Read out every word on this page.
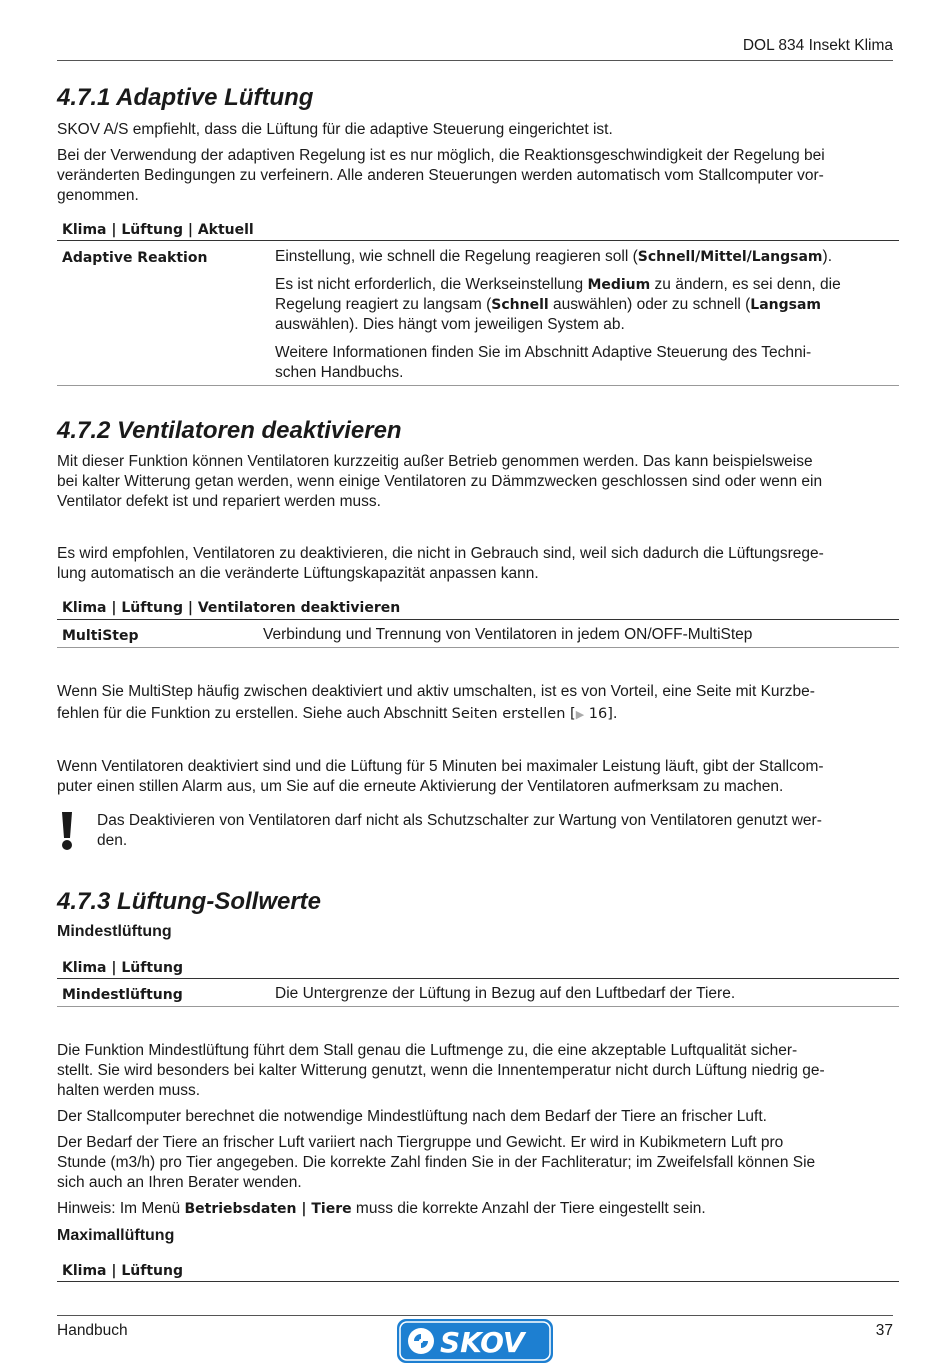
DOL 834 Insekt Klima
4.7.1 Adaptive Lüftung

SKOV A/S empfiehlt, dass die Lüftung für die adaptive Steuerung eingerichtet ist.

Bei der Verwendung der adaptiven Regelung ist es nur möglich, die Reaktionsgeschwindigkeit der Regelung bei
veränderten Bedingungen zu verfeinern. Alle anderen Steuerungen werden automatisch vom Stallcomputer vor-
genommen.
Klima | Lüftung | Aktuell
Adaptive Reaktion	Einstellung, wie schnell die Regelung reagieren soll (Schnell/Mittel/Langsam).
Es ist nicht erforderlich, die Werkseinstellung Medium zu ändern, es sei denn, die
Regelung reagiert zu langsam (Schnell auswählen) oder zu schnell (Langsam
auswählen). Dies hängt vom jeweiligen System ab.
Weitere Informationen finden Sie im Abschnitt Adaptive Steuerung des Techni-
schen Handbuchs.
4.7.2 Ventilatoren deaktivieren
Mit dieser Funktion können Ventilatoren kurzzeitig außer Betrieb genommen werden. Das kann beispielsweise
bei kalter Witterung getan werden, wenn einige Ventilatoren zu Dämmzwecken geschlossen sind oder wenn ein
Ventilator defekt ist und repariert werden muss.
Es wird empfohlen, Ventilatoren zu deaktivieren, die nicht in Gebrauch sind, weil sich dadurch die Lüftungsrege-
lung automatisch an die veränderte Lüftungskapazität anpassen kann.
Klima | Lüftung | Ventilatoren deaktivieren
MultiStep	Verbindung und Trennung von Ventilatoren in jedem ON/OFF-MultiStep
Wenn Sie MultiStep häufig zwischen deaktiviert und aktiv umschalten, ist es von Vorteil, eine Seite mit Kurzbe-
fehlen für die Funktion zu erstellen. Siehe auch Abschnitt Seiten erstellen [▶ 16].
Wenn Ventilatoren deaktiviert sind und die Lüftung für 5 Minuten bei maximaler Leistung läuft, gibt der Stallcom-
puter einen stillen Alarm aus, um Sie auf die erneute Aktivierung der Ventilatoren aufmerksam zu machen.
Das Deaktivieren von Ventilatoren darf nicht als Schutzschalter zur Wartung von Ventilatoren genutzt wer-
den.
4.7.3 Lüftung-Sollwerte
Mindestlüftung
Klima | Lüftung
Mindestlüftung	Die Untergrenze der Lüftung in Bezug auf den Luftbedarf der Tiere.
Die Funktion Mindestlüftung führt dem Stall genau die Luftmenge zu, die eine akzeptable Luftqualität sicher-
stellt. Sie wird besonders bei kalter Witterung genutzt, wenn die Innentemperatur nicht durch Lüftung niedrig ge-
halten werden muss.

Der Stallcomputer berechnet die notwendige Mindestlüftung nach dem Bedarf der Tiere an frischer Luft.

Der Bedarf der Tiere an frischer Luft variiert nach Tiergruppe und Gewicht. Er wird in Kubikmetern Luft pro
Stunde (m3/h) pro Tier angegeben. Die korrekte Zahl finden Sie in der Fachliteratur; im Zweifelsfall können Sie
sich auch an Ihren Berater wenden.
Hinweis: Im Menü Betriebsdaten | Tiere muss die korrekte Anzahl der Tiere eingestellt sein.
Maximallüftung
Klima | Lüftung
Handbuch	37
SKOV
